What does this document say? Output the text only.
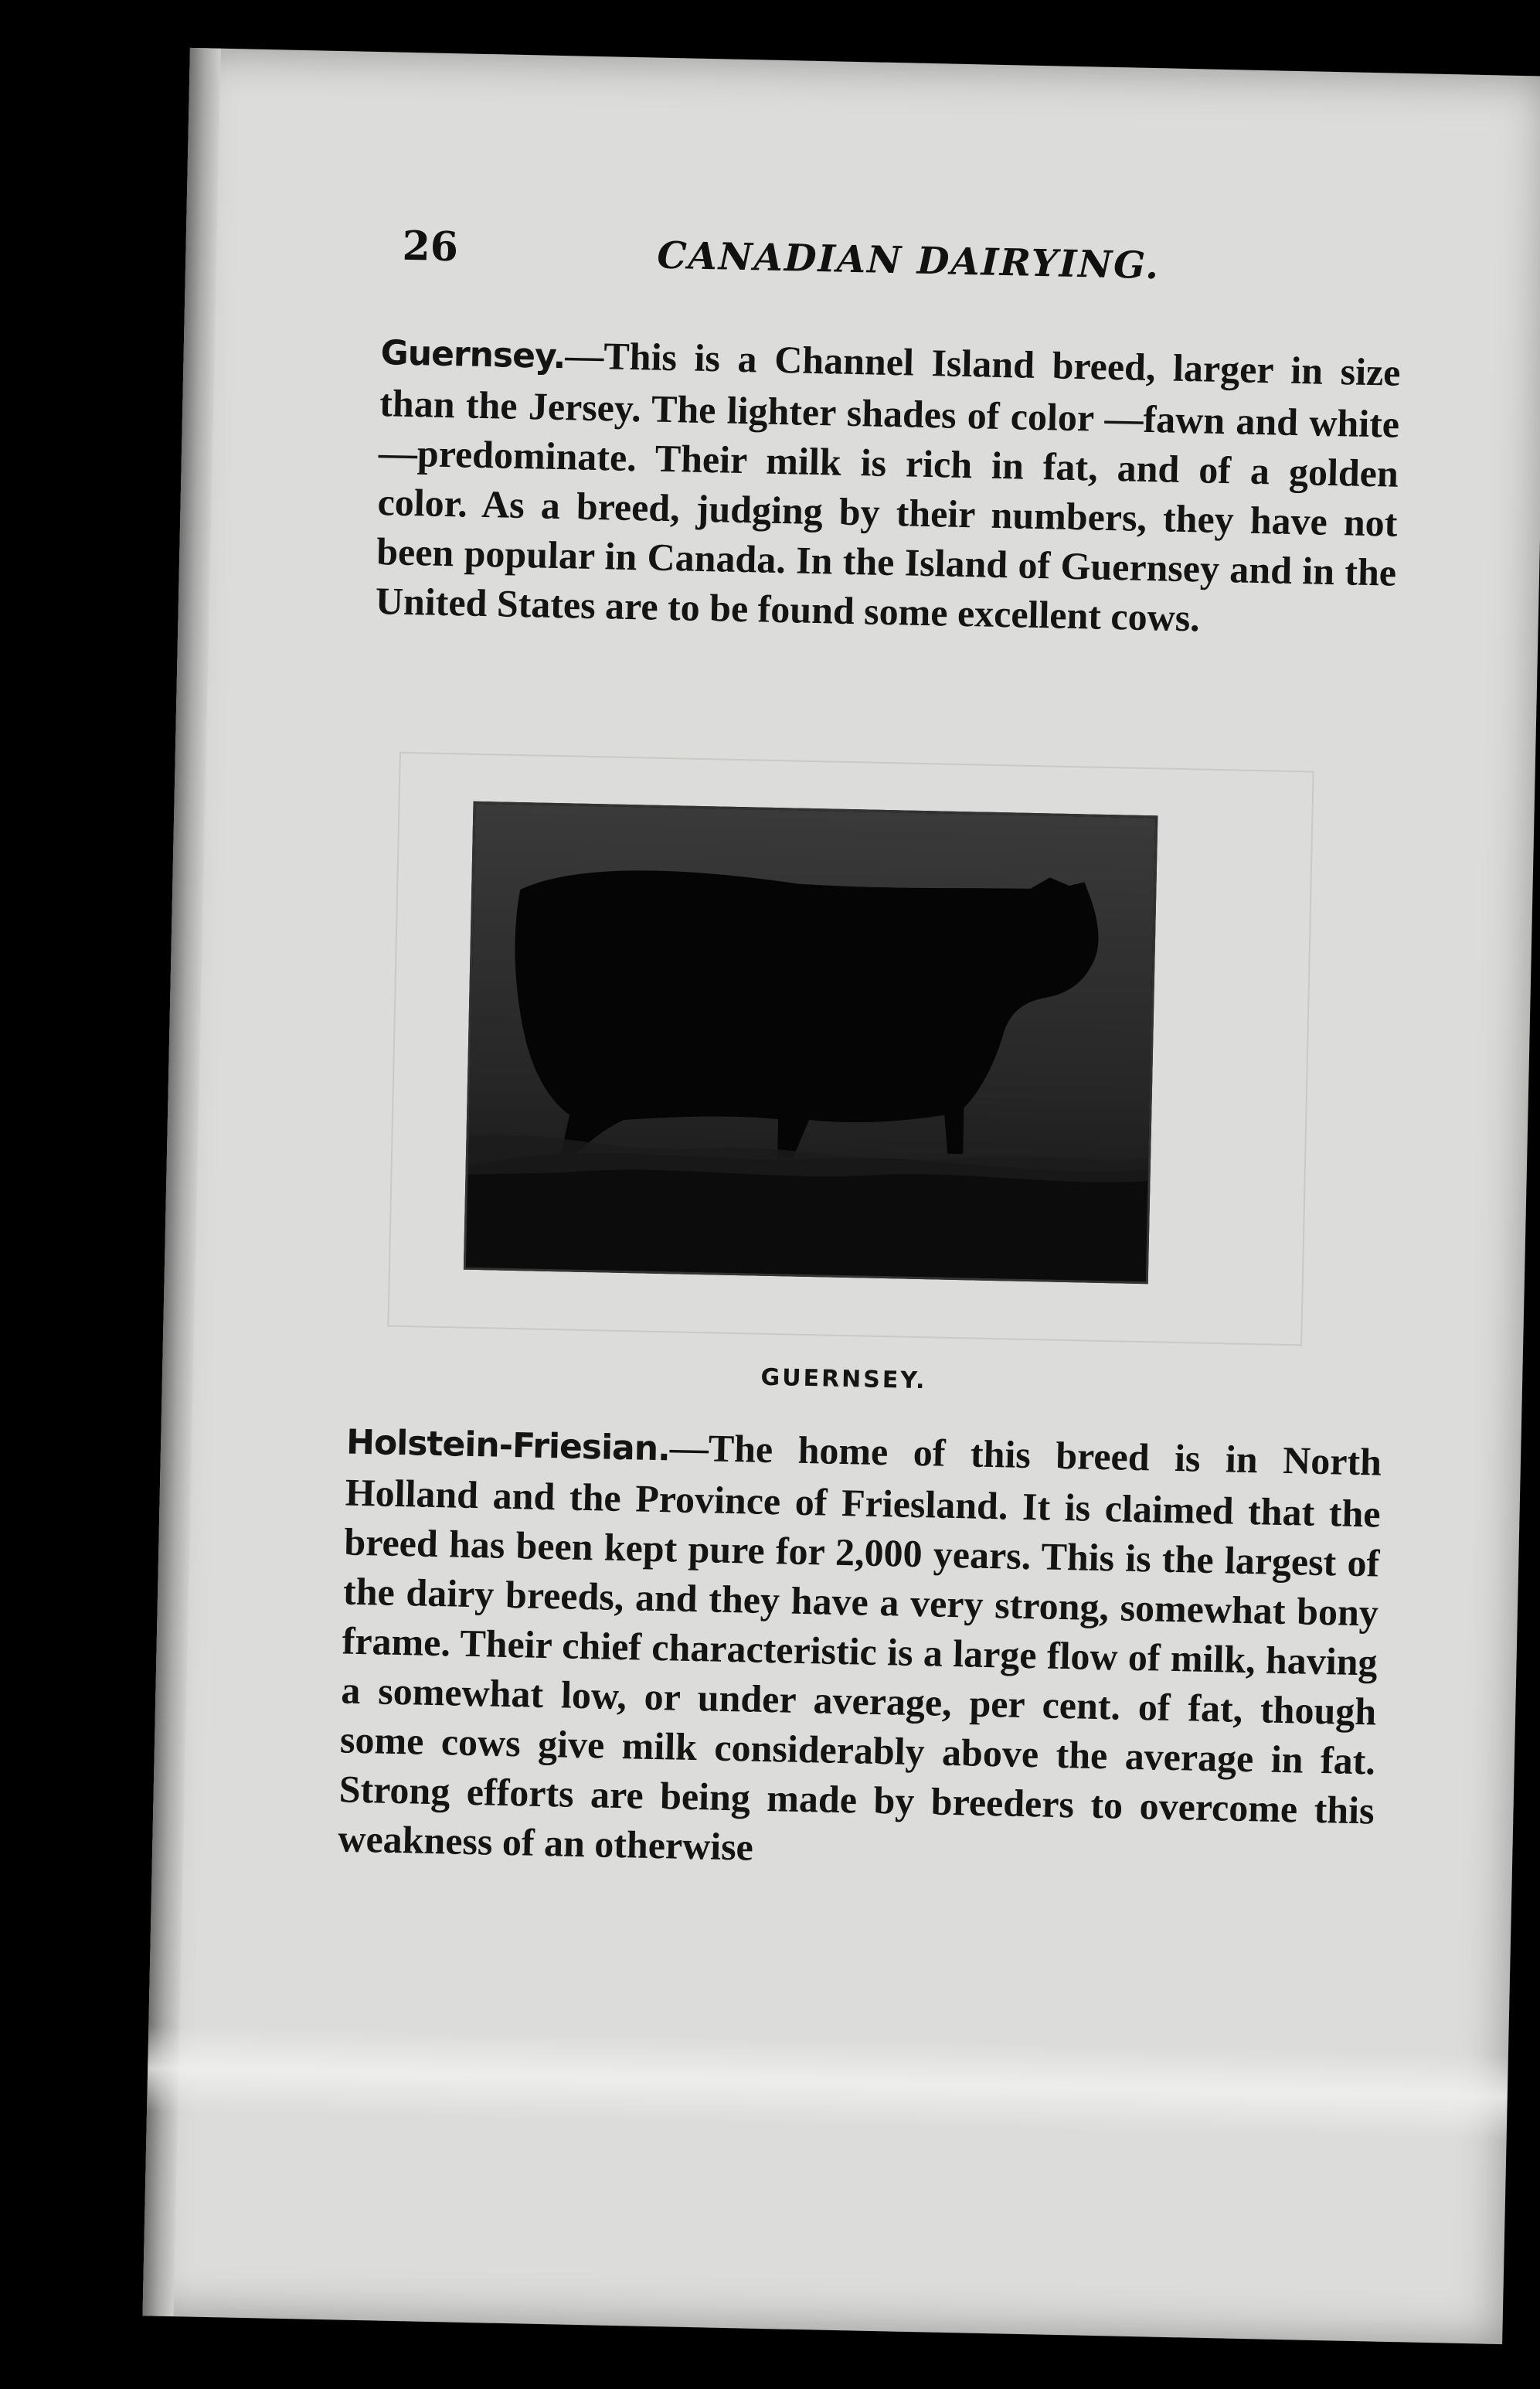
26	CANADIAN DAIRYING.

Guernsey.—This is a Channel Island breed, larger in size than the Jersey. The lighter shades of color —fawn and white—predominate. Their milk is rich in fat, and of a golden color. As a breed, judging by their numbers, they have not been popular in Canada. In the Island of Guernsey and in the United States are to be found some excellent cows.

GUERNSEY.

Holstein-Friesian.—The home of this breed is in North Holland and the Province of Friesland. It is claimed that the breed has been kept pure for 2,000 years. This is the largest of the dairy breeds, and they have a very strong, somewhat bony frame. Their chief characteristic is a large flow of milk, having a somewhat low, or under average, per cent. of fat, though some cows give milk considerably above the average in fat. Strong efforts are being made by breeders to overcome this weakness of an otherwise
